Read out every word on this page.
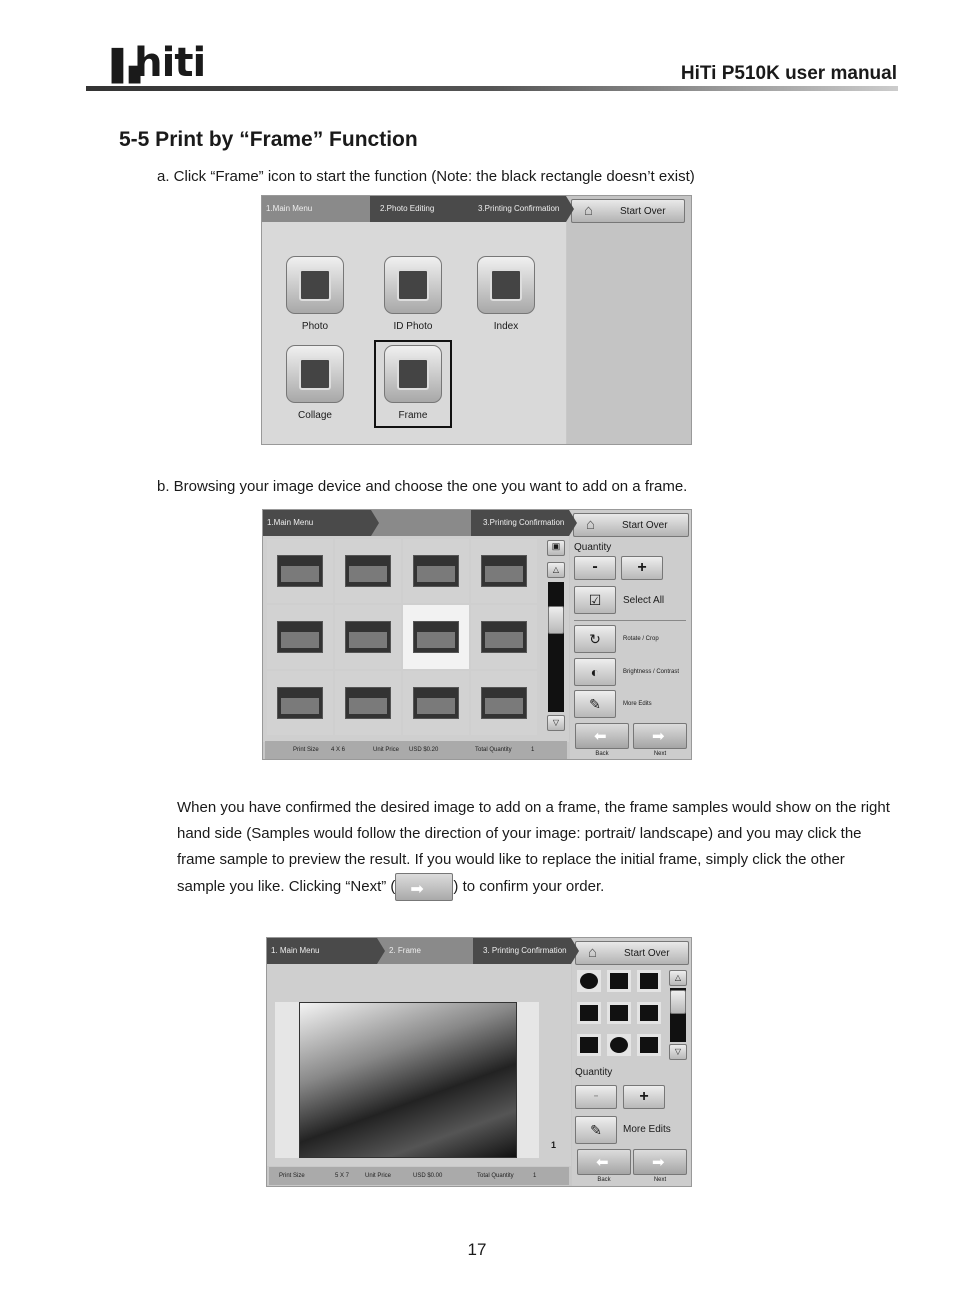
▐▗hiti	HiTi P510K user manual
5-5 Print by “Frame” Function
a. Click “Frame” icon to start the function (Note: the black rectangle doesn’t exist)
1.Main Menu	2.Photo Editing	3.Printing Confirmation	⌂	Start Over
Photo	ID Photo	Index
Collage	Frame
b. Browsing your image device and choose the one you want to add on a frame.
1.Main Menu	3.Printing Confirmation	⌂	Start Over
▣
△
▽
Quantity
-	+
☑	Select All
↻	Rotate / Crop
◐	Brightness / Contrast
✎	More Edits
⬅	➡
Back	Next
Print Size 4 X 6	Unit Price USD $0.20	Total Quantity	1
When you have confirmed the desired image to add on a frame, the frame samples would show on the right hand side (Samples would follow the direction of your image: portrait/ landscape) and you may click the frame sample to preview the result. If you would like to replace the initial frame, simply click the other sample you like. Clicking “Next” ( ➡ ) to confirm your order.
1. Main Menu	2. Frame	3. Printing Confirmation ⌂	Start Over
1
△
▽
Quantity
-	+
✎	More Edits
⬅	➡
Back	Next
Print Size	5 X 7	Unit Price	USD $0.00	Total Quantity	1
17
